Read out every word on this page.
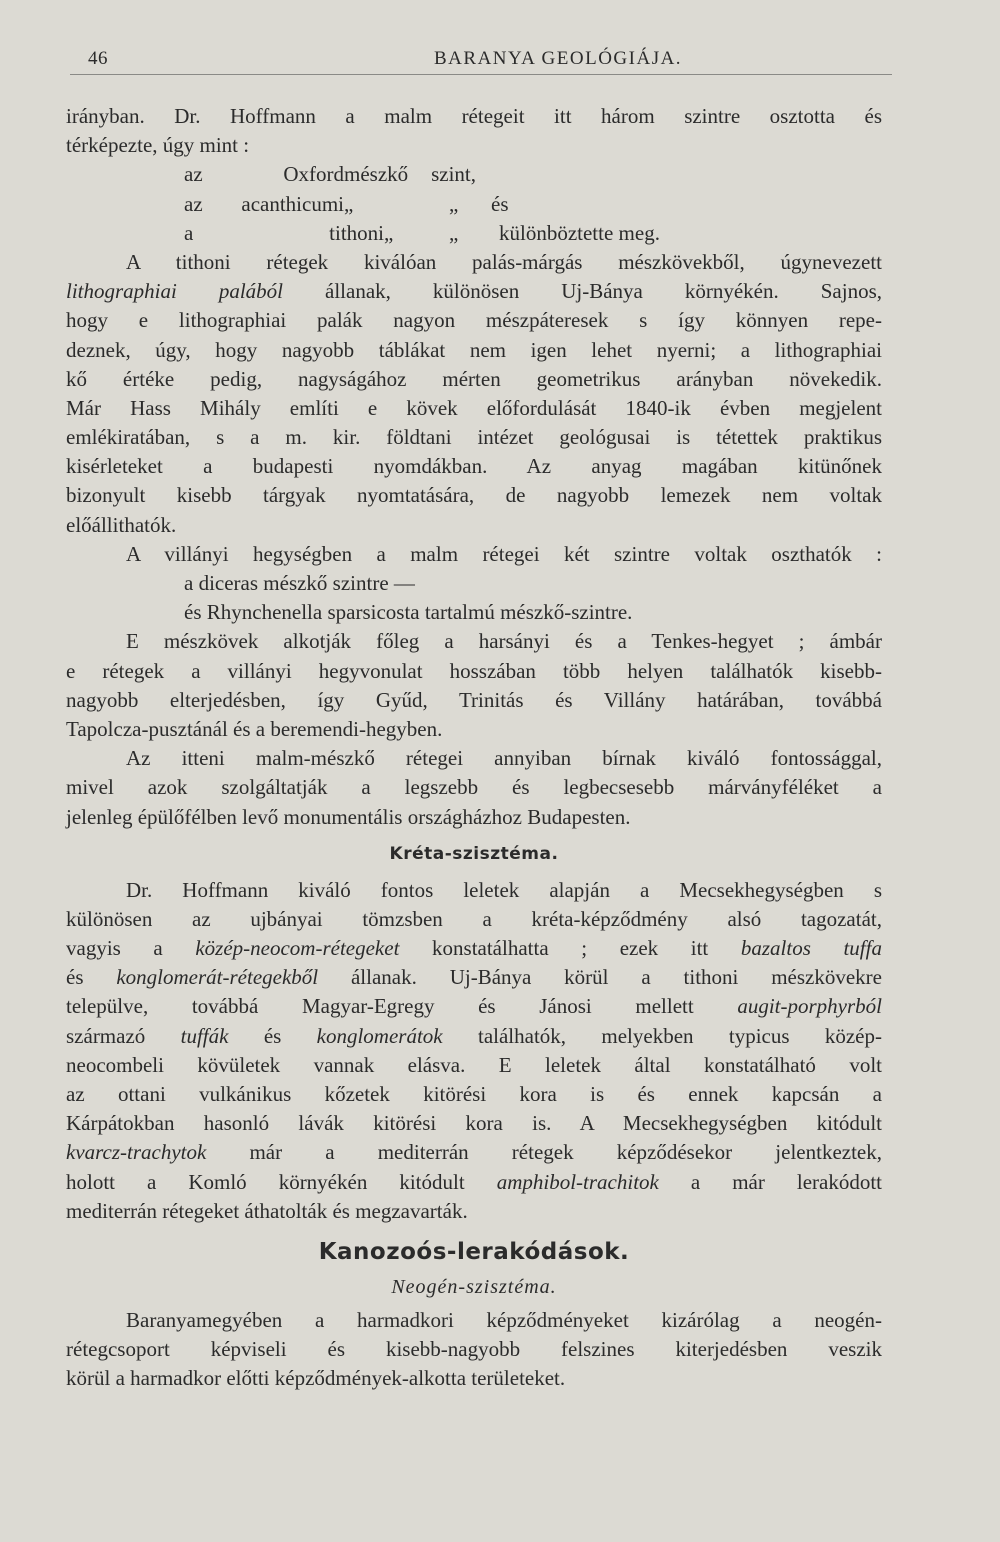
46	BARANYA GEOLÓGIÁJA.
irányban. Dr. Hoffmann a malm rétegeit itt három szintre osztotta és
térképezte, úgy mint :
az Oxford mészkő szint,
az acanthicumi „	„	és
a tithoni „	„	különböztette meg.
A tithoni rétegek kiválóan palás-márgás mészkövekből, úgynevezett
lithographiai palából állanak, különösen Uj-Bánya környékén. Sajnos,
hogy e lithographiai palák nagyon mészpáteresek s így könnyen repe-
deznek, úgy, hogy nagyobb táblákat nem igen lehet nyerni; a lithographiai
kő értéke pedig, nagyságához mérten geometrikus arányban növekedik.
Már Hass Mihály említi e kövek előfordulását 1840-ik évben megjelent
emlékiratában, s a m. kir. földtani intézet geológusai is tétettek praktikus
kisérleteket a budapesti nyomdákban. Az anyag magában kitünőnek
bizonyult kisebb tárgyak nyomtatására, de nagyobb lemezek nem voltak
előállithatók.
A villányi hegységben a malm rétegei két szintre voltak oszthatók :
a diceras mészkő szintre —
és Rhynchenella sparsicosta tartalmú mészkő-szintre.
E mészkövek alkotják főleg a harsányi és a Tenkes-hegyet ; ámbár
e rétegek a villányi hegyvonulat hosszában több helyen találhatók kisebb-
nagyobb elterjedésben, így Gyűd, Trinitás és Villány határában, továbbá
Tapolcza-pusztánál és a beremendi-hegyben.
Az itteni malm-mészkő rétegei annyiban bírnak kiváló fontossággal,
mivel azok szolgáltatják a legszebb és legbecsesebb márványféléket a
jelenleg épülőfélben levő monumentális országházhoz Budapesten.
Kréta-szisztéma.
Dr. Hoffmann kiváló fontos leletek alapján a Mecsekhegységben s
különösen az ujbányai tömzsben a kréta-képződmény alsó tagozatát,
vagyis a közép-neocom-rétegeket konstatálhatta ; ezek itt bazaltos tuffa
és konglomerát-rétegekből állanak. Uj-Bánya körül a tithoni mészkövekre
települve, továbbá Magyar-Egregy és Jánosi mellett augit-porphyrból
származó tuffák és konglomerátok találhatók, melyekben typicus közép-
neocombeli kövületek vannak elásva. E leletek által konstatálható volt
az ottani vulkánikus kőzetek kitörési kora is és ennek kapcsán a
Kárpátokban hasonló lávák kitörési kora is. A Mecsekhegységben kitódult
kvarcz-trachytok már a mediterrán rétegek képződésekor jelentkeztek,
holott a Komló környékén kitódult amphibol-trachitok a már lerakódott
mediterrán rétegeket áthatolták és megzavarták.
Kanozoós-lerakódások.
Neogén-szisztéma.
Baranyamegyében a harmadkori képződményeket kizárólag a neogén-
rétegcsoport képviseli és kisebb-nagyobb felszines kiterjedésben veszik
körül a harmadkor előtti képződmények-alkotta területeket.
